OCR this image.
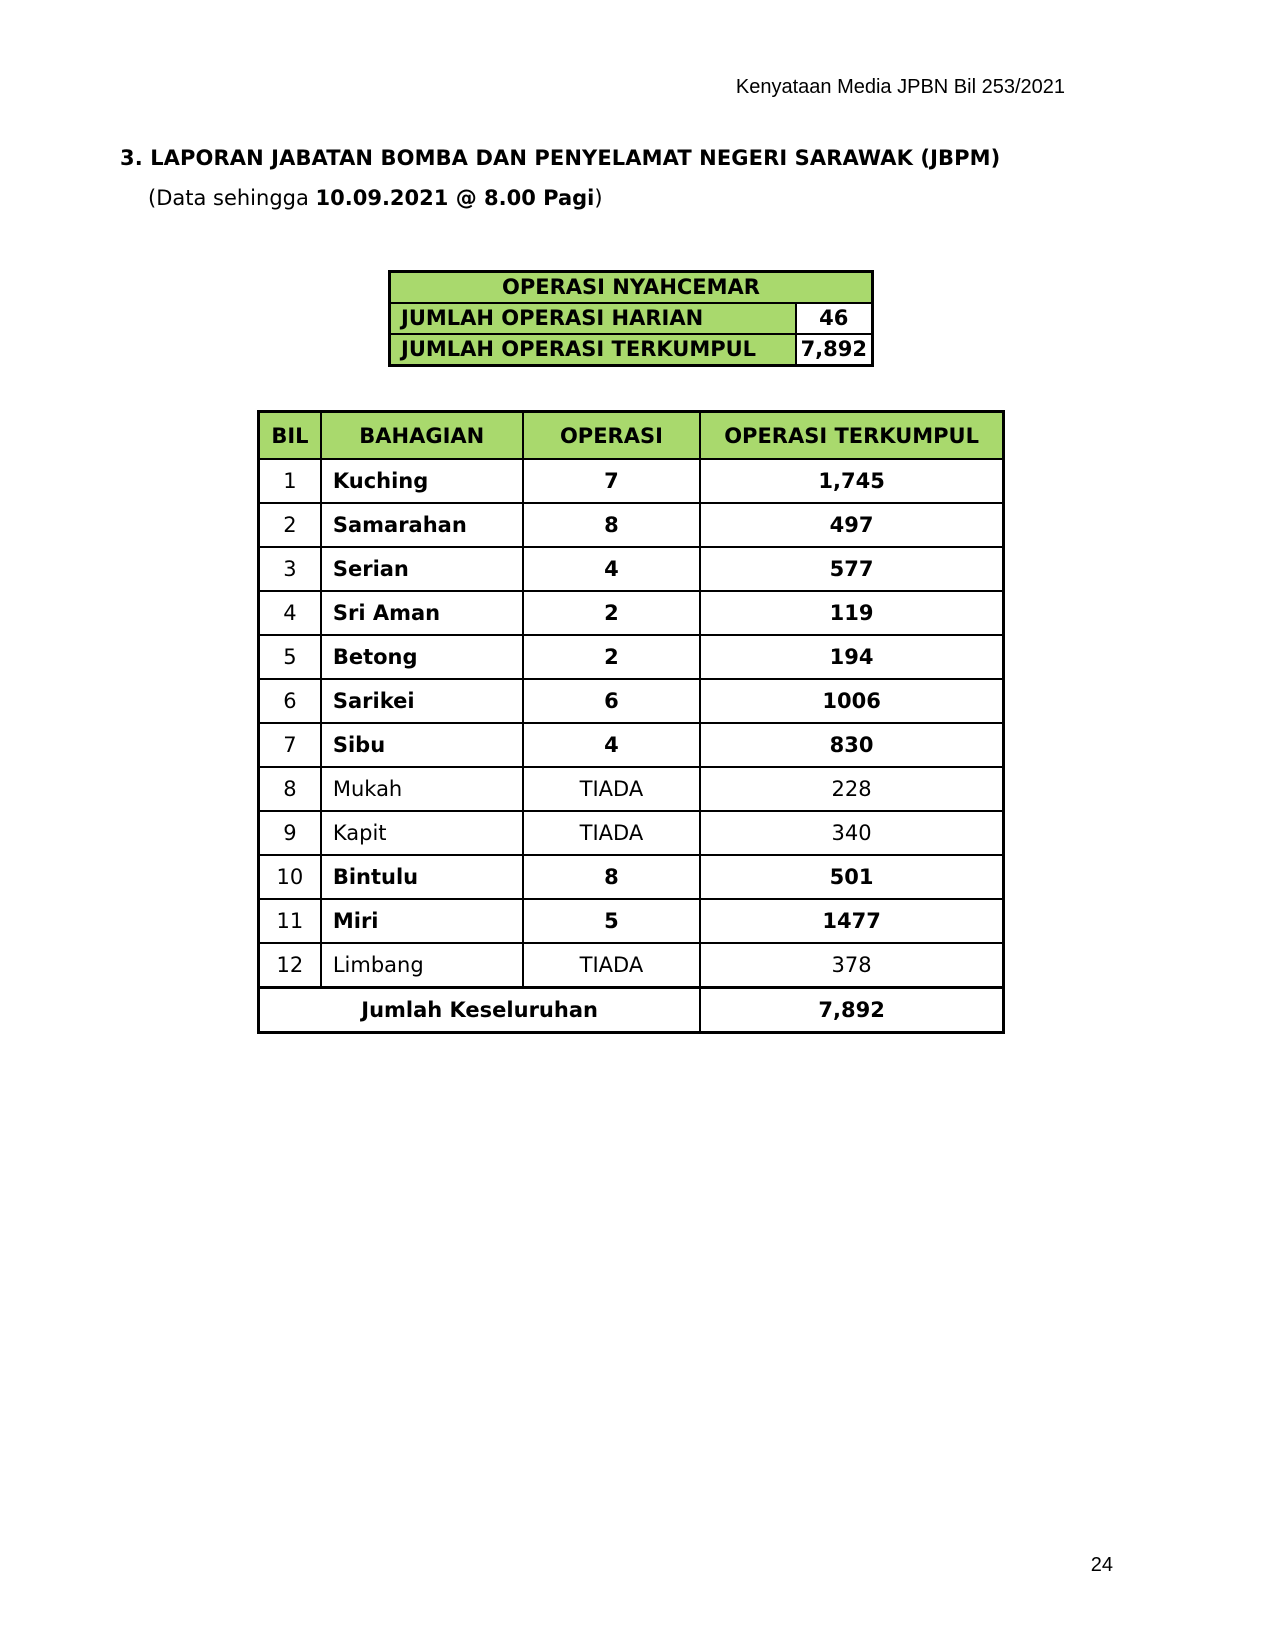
Kenyataan Media JPBN Bil 253/2021
3. LAPORAN JABATAN BOMBA DAN PENYELAMAT NEGERI SARAWAK (JBPM)
(Data sehingga 10.09.2021 @ 8.00 Pagi)
OPERASI NYAHCEMAR	
JUMLAH OPERASI HARIAN	46
JUMLAH OPERASI TERKUMPUL	7,892
BIL	BAHAGIAN	OPERASI	OPERASI TERKUMPUL
1	Kuching	7	1,745
2	Samarahan	8	497
3	Serian	4	577
4	Sri Aman	2	119
5	Betong	2	194
6	Sarikei	6	1006
7	Sibu	4	830
8	Mukah	TIADA	228
9	Kapit	TIADA	340
10	Bintulu	8	501
11	Miri	5	1477
12	Limbang	TIADA	378
Jumlah Keseluruhan			7,892
24
